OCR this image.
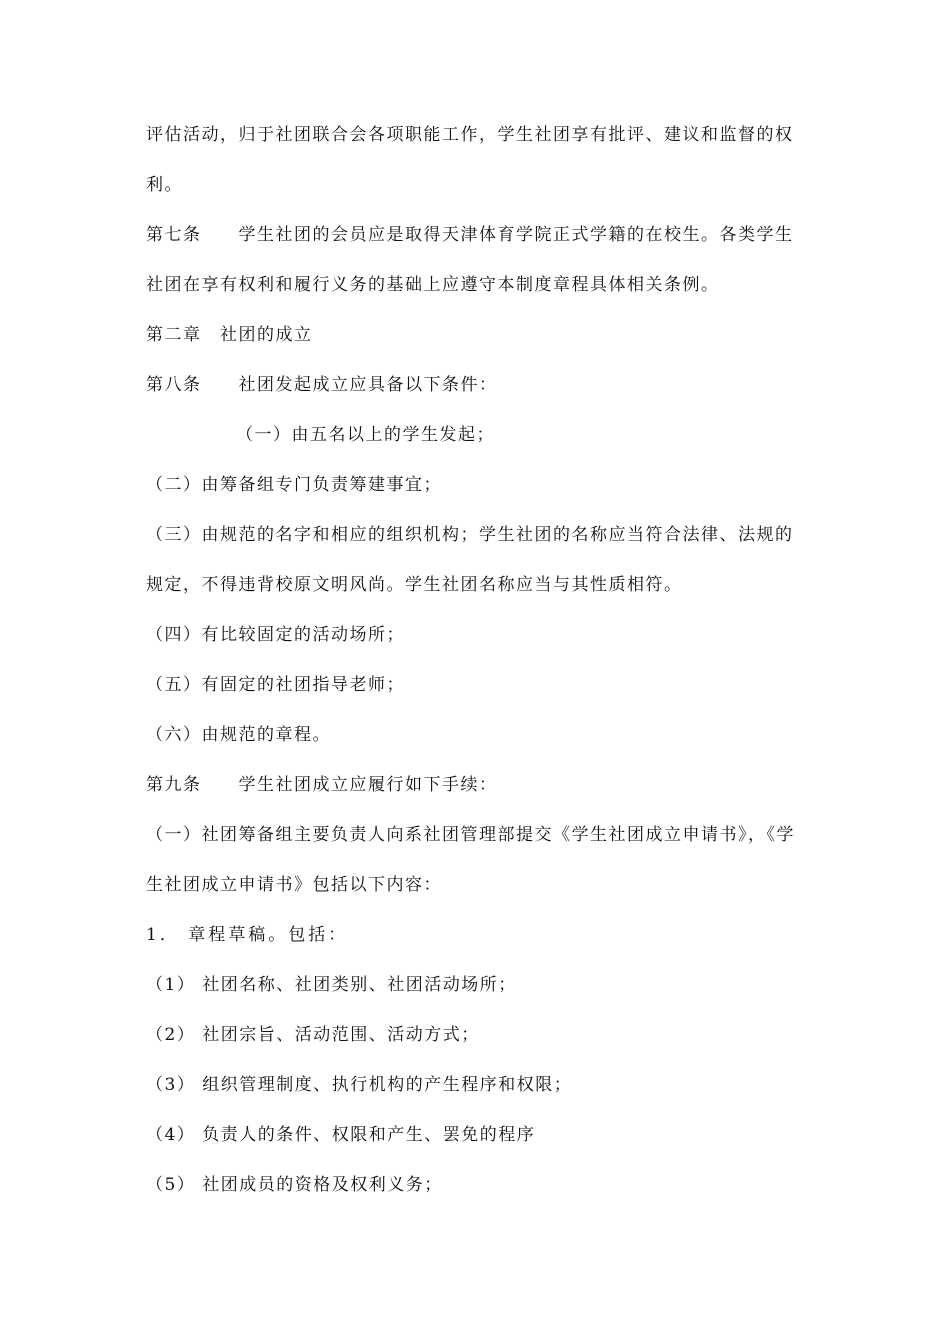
评估活动，归于社团联合会各项职能工作，学生社团享有批评、建议和监督的权
利。
第七条　　学生社团的会员应是取得天津体育学院正式学籍的在校生。各类学生
社团在享有权利和履行义务的基础上应遵守本制度章程具体相关条例。
第二章　社团的成立
第八条　　社团发起成立应具备以下条件：
（一）由五名以上的学生发起；
（二）由筹备组专门负责筹建事宜；
（三）由规范的名字和相应的组织机构；学生社团的名称应当符合法律、法规的
规定，不得违背校原文明风尚。学生社团名称应当与其性质相符。
（四）有比较固定的活动场所；
（五）有固定的社团指导老师；
（六）由规范的章程。
第九条　　学生社团成立应履行如下手续：
（一）社团筹备组主要负责人向系社团管理部提交《学生社团成立申请书》，《学
生社团成立申请书》包括以下内容：
1． 章程草稿。包括：
（1） 社团名称、社团类别、社团活动场所；
（2） 社团宗旨、活动范围、活动方式；
（3） 组织管理制度、执行机构的产生程序和权限；
（4） 负责人的条件、权限和产生、罢免的程序
（5） 社团成员的资格及权利义务；
